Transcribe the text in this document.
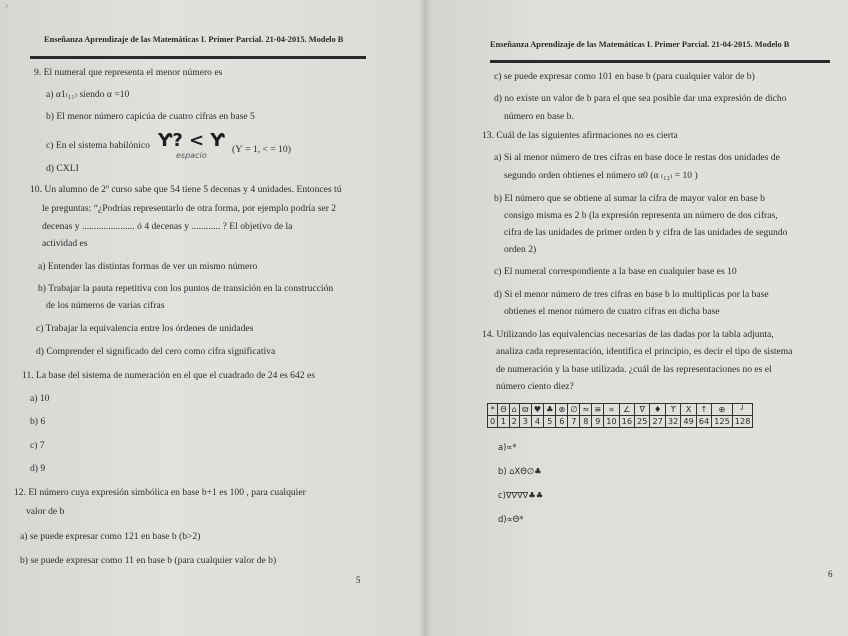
^
Enseñanza Aprendizaje de las Matemáticas I. Primer Parcial. 21-04-2015. Modelo B
9. El numeral que representa el menor número es
a) α1₍₁₁₎ siendo α =10
b) El menor número capicúa de cuatro cifras en base 5
c) En el sistema babilónico Ƴ? < Ƴ (Ƴ = 1, < = 10)
espacio
d) CXLI
10. Un alumno de 2º curso sabe que 54 tiene 5 decenas y 4 unidades. Entonces tú
le preguntas: “¿Podrías representarlo de otra forma, por ejemplo podría ser 2
decenas y ...................... ó 4 decenas y ............ ? El objetivo de la
actividad es
a) Entender las distintas formas de ver un mismo número
b) Trabajar la pauta repetitiva con los puntos de transición en la construcción
de los números de varias cifras
c) Trabajar la equivalencia entre los órdenes de unidades
d) Comprender el significado del cero como cifra significativa
11. La base del sistema de numeración en el que el cuadrado de 24 es 642 es
a) 10
b) 6
c) 7
d) 9
12. El número cuya expresión simbólica en base b+1 es 100 , para cualquier
valor de b
a) se puede expresar como 121 en base b (b>2)
b) se puede expresar como 11 en base b (para cualquier valor de b)
5
Enseñanza Aprendizaje de las Matemáticas I. Primer Parcial. 21-04-2015. Modelo B
c) se puede expresar como 101 en base b (para cualquier valor de b)
d) no existe un valor de b para el que sea posible dar una expresión de dicho
número en base b.
13. Cuál de las siguientes afirmaciones no es cierta
a) Si al menor número de tres cifras en base doce le restas dos unidades de
segundo orden obtienes el número α0 (α ₍₁₂₎ = 10 )
b) El número que se obtiene al sumar la cifra de mayor valor en base b
consigo misma es 2 b (la expresión representa un número de dos cifras,
cifra de las unidades de primer orden b y cifra de las unidades de segundo
orden 2)
c) El numeral correspondiente a la base en cualquier base es 10
d) Si el menor número de tres cifras en base b lo multiplicas por la base
obtienes el menor número de cuatro cifras en dicha base
14. Utilizando las equivalencias necesarias de las dadas por la tabla adjunta,
analiza cada representación, identifica el principio, es decir el tipo de sistema
de numeración y la base utilizada. ¿cuál de las representaciones no es el
número ciento diez?
a)∝*
b) ⌂XΘ∅♣
c)∇∇∇∇♣♣
d)∝Θ*
6
*	Θ	⌂	ϖ	♥	♣	⊗	∅	≈	≡	∝	∠	∇	♦	ϒ	X	↑	⊕	┘
0	1	2	3	4	5	6	7	8	9	10	16	25	27	32	49	64	125	128
